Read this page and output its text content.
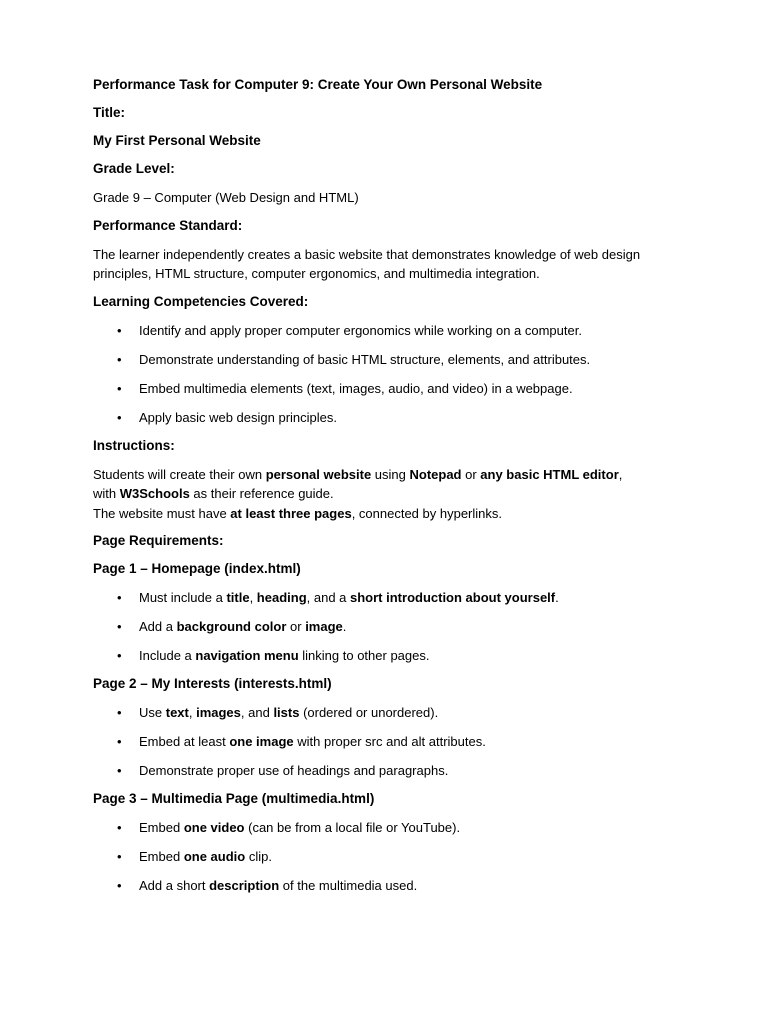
Performance Task for Computer 9: Create Your Own Personal Website
Title:
My First Personal Website
Grade Level:
Grade 9 – Computer (Web Design and HTML)
Performance Standard:
The learner independently creates a basic website that demonstrates knowledge of web design principles, HTML structure, computer ergonomics, and multimedia integration.
Learning Competencies Covered:
• Identify and apply proper computer ergonomics while working on a computer.
• Demonstrate understanding of basic HTML structure, elements, and attributes.
• Embed multimedia elements (text, images, audio, and video) in a webpage.
• Apply basic web design principles.
Instructions:
Students will create their own personal website using Notepad or any basic HTML editor,
with W3Schools as their reference guide.
The website must have at least three pages, connected by hyperlinks.
Page Requirements:
Page 1 – Homepage (index.html)
• Must include a title, heading, and a short introduction about yourself.
• Add a background color or image.
• Include a navigation menu linking to other pages.
Page 2 – My Interests (interests.html)
• Use text, images, and lists (ordered or unordered).
• Embed at least one image with proper src and alt attributes.
• Demonstrate proper use of headings and paragraphs.
Page 3 – Multimedia Page (multimedia.html)
• Embed one video (can be from a local file or YouTube).
• Embed one audio clip.
• Add a short description of the multimedia used.
